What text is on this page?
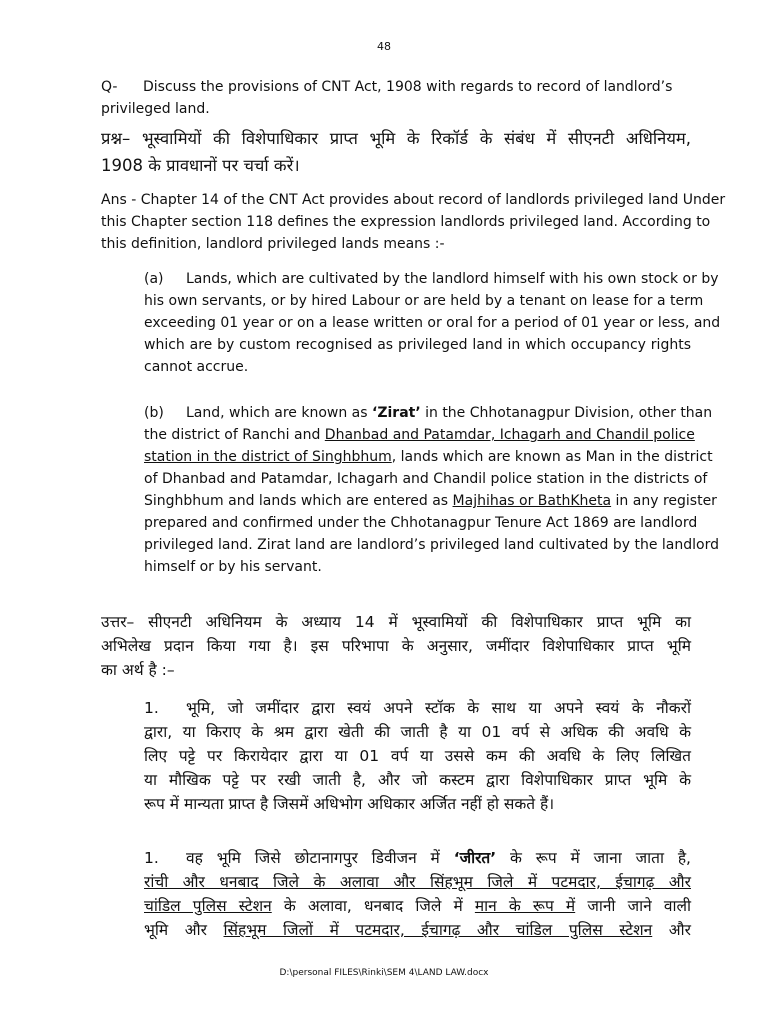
48
Q- Discuss the provisions of CNT Act, 1908 with regards to record of landlord’s
privileged land.
प्रश्न– भूस्वामियों की विशेपाधिकार प्राप्त भूमि के रिकॉर्ड के संबंध में सीएनटी अधिनियम,
1908 के प्रावधानों पर चर्चा करें।
Ans - Chapter 14 of the CNT Act provides about record of landlords privileged land Under
this Chapter section 118 defines the expression landlords privileged land. According to
this definition, landlord privileged lands means :-
(a) Lands, which are cultivated by the landlord himself with his own stock or by
his own servants, or by hired Labour or are held by a tenant on lease for a term
exceeding 01 year or on a lease written or oral for a period of 01 year or less, and
which are by custom recognised as privileged land in which occupancy rights
cannot accrue.
(b) Land, which are known as ‘Zirat’ in the Chhotanagpur Division, other than
the district of Ranchi and Dhanbad and Patamdar, Ichagarh and Chandil police
station in the district of Singhbhum, lands which are known as Man in the district
of Dhanbad and Patamdar, Ichagarh and Chandil police station in the districts of
Singhbhum and lands which are entered as Majhihas or BathKheta in any register
prepared and confirmed under the Chhotanagpur Tenure Act 1869 are landlord
privileged land. Zirat land are landlord’s privileged land cultivated by the landlord
himself or by his servant.
उत्तर– सीएनटी अधिनियम के अध्याय 14 में भूस्वामियों की विशेपाधिकार प्राप्त भूमि का
अभिलेख प्रदान किया गया है। इस परिभापा के अनुसार, जमींदार विशेपाधिकार प्राप्त भूमि
का अर्थ है :–
1. भूमि, जो जमींदार द्वारा स्वयं अपने स्टॉक के साथ या अपने स्वयं के नौकरों
द्वारा, या किराए के श्रम द्वारा खेती की जाती है या 01 वर्प से अधिक की अवधि के
लिए पट्टे पर किरायेदार द्वारा या 01 वर्प या उससे कम की अवधि के लिए लिखित
या मौखिक पट्टे पर रखी जाती है, और जो कस्टम द्वारा विशेपाधिकार प्राप्त भूमि के
रूप में मान्यता प्राप्त है जिसमें अधिभोग अधिकार अर्जित नहीं हो सकते हैं।
1. वह भूमि जिसे छोटानागपुर डिवीजन में ‘जीरत’ के रूप में जाना जाता है,
रांची और धनबाद जिले के अलावा और सिंहभूम जिले में पटमदार, ईचागढ़ और
चांडिल पुलिस स्टेशन के अलावा, धनबाद जिले में मान के रूप में जानी जाने वाली
भूमि और सिंहभूम जिलों में पटमदार, ईचागढ़ और चांडिल पुलिस स्टेशन और
D:\personal FILES\Rinki\SEM 4\LAND LAW.docx
